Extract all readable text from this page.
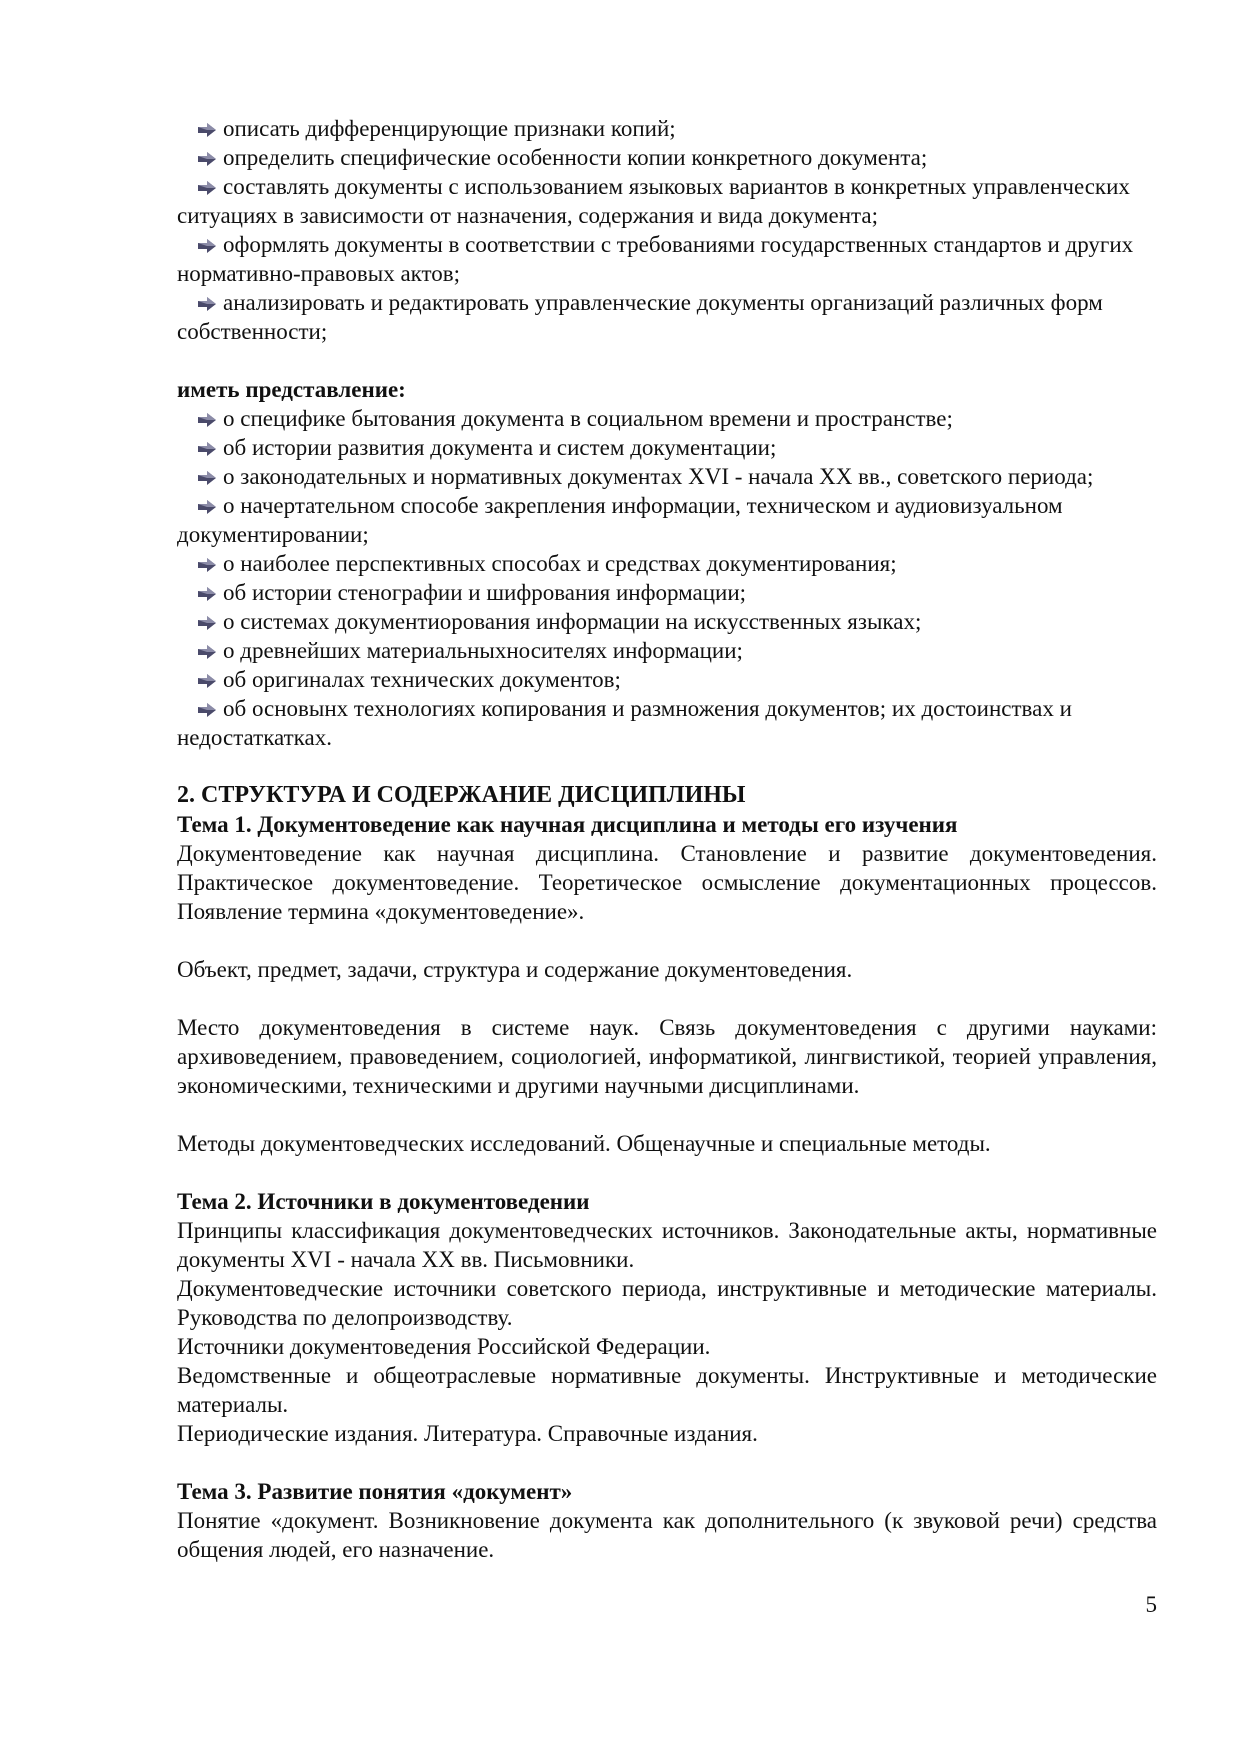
описать дифференцирующие признаки копий;

определить специфические особенности копии конкретного документа;

составлять документы с использованием языковых вариантов в конкретных управленческих ситуациях в зависимости от назначения, содержания и вида документа;

оформлять документы в соответствии с требованиями государственных стандартов и других нормативно-правовых актов;

анализировать и редактировать управленческие документы организаций различных форм собственности;

иметь представление:

о специфике бытования документа в социальном времени и пространстве;

об истории развития документа и систем документации;

о законодательных и нормативных документах XVI - начала XX вв., советского периода;

о начертательном способе закрепления информации, техническом и аудиовизуальном документировании;

о наиболее перспективных способах и средствах документирования;

об истории стенографии и шифрования информации;

о системах документиорования информации на искусственных языках;

о древнейших материальныхносителях информации;

об оригиналах технических документов;

об основынх технологиях копирования и размножения документов; их достоинствах и недостаткатках.

2. СТРУКТУРА И СОДЕРЖАНИЕ ДИСЦИПЛИНЫ

Тема 1. Документоведение как научная дисциплина и методы его изучения

Документоведение как научная дисциплина. Становление и развитие документоведения. Практическое документоведение. Теоретическое осмысление документационных процессов. Появление термина «документоведение».

Объект, предмет, задачи, структура и содержание документоведения.

Место документоведения в системе наук. Связь документоведения с другими науками: архивоведением, правоведением, социологией, информатикой, лингвистикой, теорией управления, экономическими, техническими и другими научными дисциплинами.

Методы документоведческих исследований. Общенаучные и специальные методы.

Тема 2. Источники в документоведении

Принципы классификация документоведческих источников. Законодательные акты, нормативные документы XVI - начала XX вв. Письмовники.

Документоведческие источники советского периода, инструктивные и методические материалы. Руководства по делопроизводству.

Источники документоведения Российской Федерации.

Ведомственные и общеотраслевые нормативные документы. Инструктивные и методические материалы.

Периодические издания. Литература. Справочные издания.

Тема 3. Развитие понятия «документ»

Понятие «документ. Возникновение документа как дополнительного (к звуковой речи) средства общения людей, его назначение.

5
